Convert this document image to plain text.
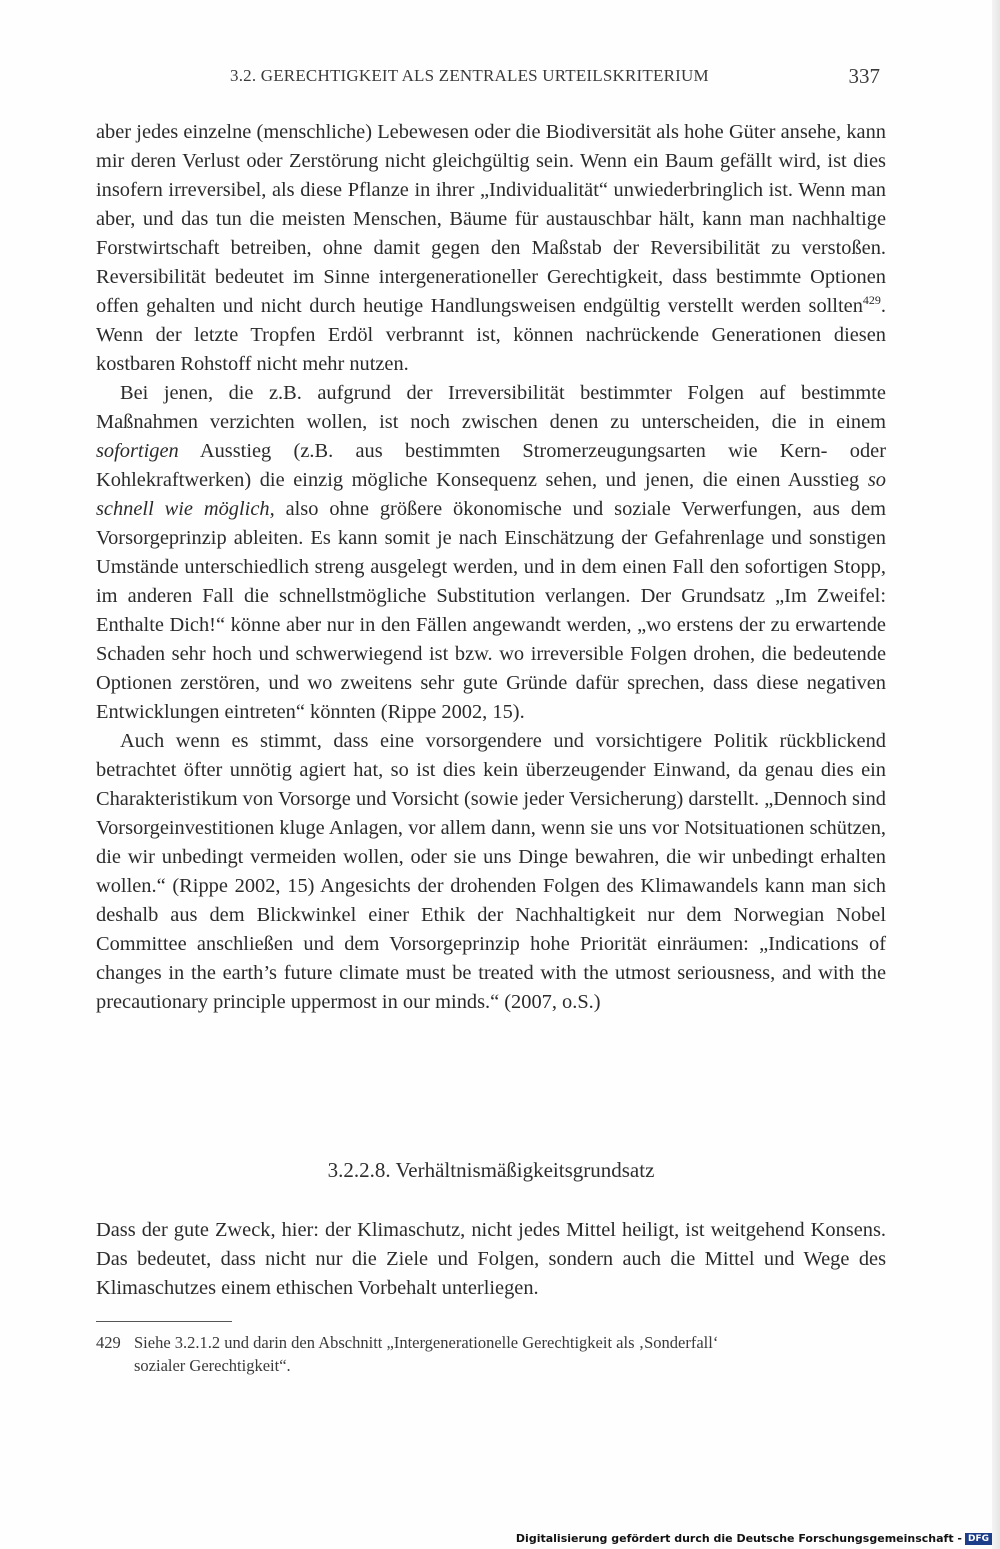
3.2. GERECHTIGKEIT ALS ZENTRALES URTEILSKRITERIUM	337

aber jedes einzelne (menschliche) Lebewesen oder die Biodiversität als hohe Güter ansehe, kann mir deren Verlust oder Zerstörung nicht gleichgültig sein. Wenn ein Baum gefällt wird, ist dies insofern irreversibel, als diese Pflanze in ihrer „Individualität“ unwiederbringlich ist. Wenn man aber, und das tun die meisten Menschen, Bäume für austauschbar hält, kann man nachhaltige Forstwirtschaft betreiben, ohne damit gegen den Maßstab der Reversibilität zu verstoßen. Reversibilität bedeutet im Sinne intergenerationeller Gerechtigkeit, dass bestimmte Optionen offen gehalten und nicht durch heutige Handlungsweisen endgültig verstellt werden sollten$^{429}$. Wenn der letzte Tropfen Erdöl verbrannt ist, können nachrückende Generationen diesen kostbaren Rohstoff nicht mehr nutzen.

Bei jenen, die z.B. aufgrund der Irreversibilität bestimmter Folgen auf bestimmte Maßnahmen verzichten wollen, ist noch zwischen denen zu unterscheiden, die in einem sofortigen Ausstieg (z.B. aus bestimmten Stromerzeugungsarten wie Kern- oder Kohlekraftwerken) die einzig mögliche Konsequenz sehen, und jenen, die einen Ausstieg so schnell wie möglich, also ohne größere ökonomische und soziale Verwerfungen, aus dem Vorsorgeprinzip ableiten. Es kann somit je nach Einschätzung der Gefahrenlage und sonstigen Umstände unterschiedlich streng ausgelegt werden, und in dem einen Fall den sofortigen Stopp, im anderen Fall die schnellstmögliche Substitution verlangen. Der Grundsatz „Im Zweifel: Enthalte Dich!“ könne aber nur in den Fällen angewandt werden, „wo erstens der zu erwartende Schaden sehr hoch und schwerwiegend ist bzw. wo irreversible Folgen drohen, die bedeutende Optionen zerstören, und wo zweitens sehr gute Gründe dafür sprechen, dass diese negativen Entwicklungen eintreten“ könnten (Rippe 2002, 15).

Auch wenn es stimmt, dass eine vorsorgendere und vorsichtigere Politik rückblickend betrachtet öfter unnötig agiert hat, so ist dies kein überzeugender Einwand, da genau dies ein Charakteristikum von Vorsorge und Vorsicht (sowie jeder Versicherung) darstellt. „Dennoch sind Vorsorgeinvestitionen kluge Anlagen, vor allem dann, wenn sie uns vor Notsituationen schützen, die wir unbedingt vermeiden wollen, oder sie uns Dinge bewahren, die wir unbedingt erhalten wollen.“ (Rippe 2002, 15) Angesichts der drohenden Folgen des Klimawandels kann man sich deshalb aus dem Blickwinkel einer Ethik der Nachhaltigkeit nur dem Norwegian Nobel Committee anschließen und dem Vorsorgeprinzip hohe Priorität einräumen: „Indications of changes in the earth’s future climate must be treated with the utmost seriousness, and with the precautionary principle uppermost in our minds.“ (2007, o.S.)

3.2.2.8. Verhältnismäßigkeitsgrundsatz

Dass der gute Zweck, hier: der Klimaschutz, nicht jedes Mittel heiligt, ist weitgehend Konsens. Das bedeutet, dass nicht nur die Ziele und Folgen, sondern auch die Mittel und Wege des Klimaschutzes einem ethischen Vorbehalt unterliegen.

429 Siehe 3.2.1.2 und darin den Abschnitt „Intergenerationelle Gerechtigkeit als ‚Sonderfall‘
sozialer Gerechtigkeit“.
Digitalisierung gefördert durch die Deutsche Forschungsgemeinschaft - DFG
